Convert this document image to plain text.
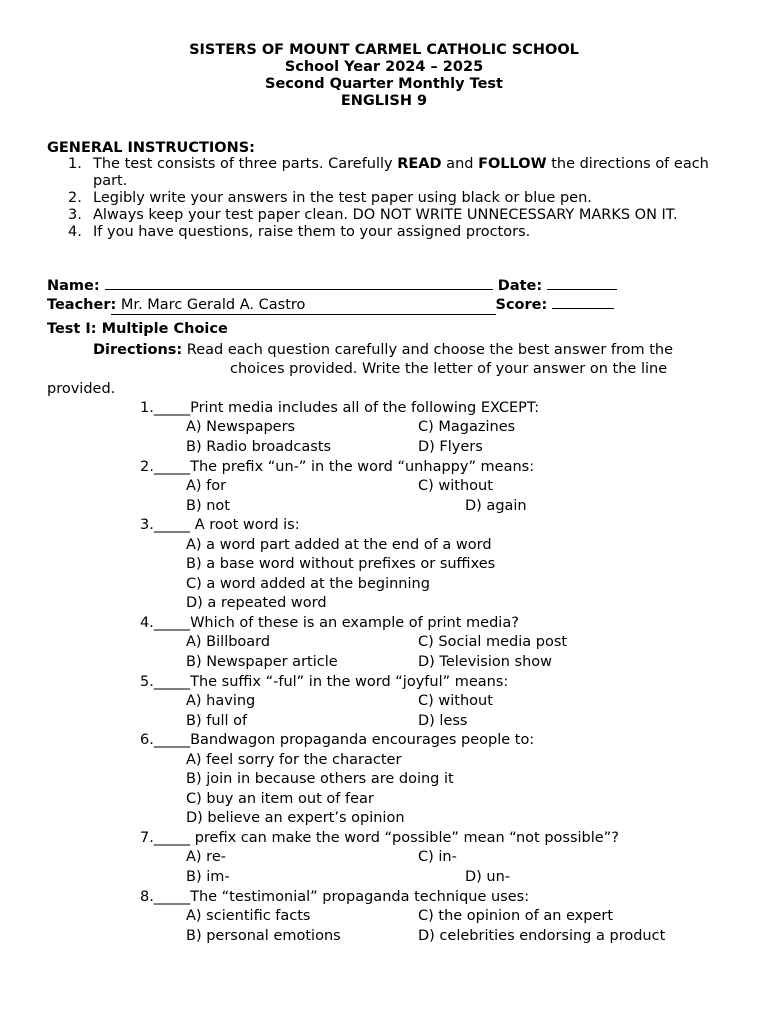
SISTERS OF MOUNT CARMEL CATHOLIC SCHOOL
School Year 2024 – 2025
Second Quarter Monthly Test
ENGLISH 9
GENERAL INSTRUCTIONS:
1. The test consists of three parts. Carefully READ and FOLLOW the directions of each part.
2. Legibly write your answers in the test paper using black or blue pen.
3. Always keep your test paper clean. DO NOT WRITE UNNECESSARY MARKS ON IT.
4. If you have questions, raise them to your assigned proctors.
Name:	Date:
Teacher: Mr. Marc Gerald A. Castro	Score:
Test I: Multiple Choice
Directions: Read each question carefully and choose the best answer from the
choices provided. Write the letter of your answer on the line
provided.
1._____Print media includes all of the following EXCEPT:
A) Newspapers	C) Magazines
B) Radio broadcasts	D) Flyers
2._____The prefix “un-” in the word “unhappy” means:
A) for	C) without
B) not	D) again
3._____ A root word is:
A) a word part added at the end of a word
B) a base word without prefixes or suffixes
C) a word added at the beginning
D) a repeated word
4._____Which of these is an example of print media?
A) Billboard	C) Social media post
B) Newspaper article	D) Television show
5._____The suffix “-ful” in the word “joyful” means:
A) having	C) without
B) full of	D) less
6._____Bandwagon propaganda encourages people to:
A) feel sorry for the character
B) join in because others are doing it
C) buy an item out of fear
D) believe an expert’s opinion
7._____ prefix can make the word “possible” mean “not possible”?
A) re-	C) in-
B) im-	D) un-
8._____The “testimonial” propaganda technique uses:
A) scientific facts	C) the opinion of an expert
B) personal emotions	D) celebrities endorsing a product
